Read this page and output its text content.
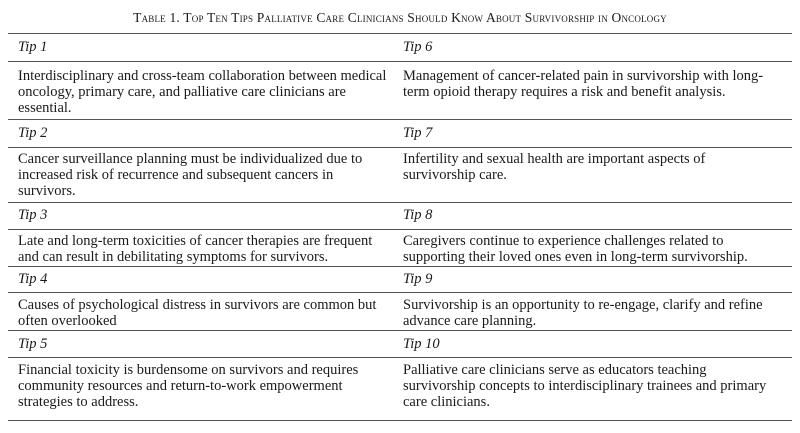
Table 1. Top Ten Tips Palliative Care Clinicians Should Know About Survivorship in Oncology
Tip 1
Interdisciplinary and cross-team collaboration between medical oncology, primary care, and palliative care clinicians are essential.
Tip 2
Cancer surveillance planning must be individualized due to increased risk of recurrence and subsequent cancers in survivors.
Tip 3
Late and long-term toxicities of cancer therapies are frequent and can result in debilitating symptoms for survivors.
Tip 4
Causes of psychological distress in survivors are common but often overlooked
Tip 5
Financial toxicity is burdensome on survivors and requires community resources and return-to-work empowerment strategies to address.
Tip 6
Management of cancer-related pain in survivorship with long-term opioid therapy requires a risk and benefit analysis.
Tip 7
Infertility and sexual health are important aspects of survivorship care.
Tip 8
Caregivers continue to experience challenges related to supporting their loved ones even in long-term survivorship.
Tip 9
Survivorship is an opportunity to re-engage, clarify and refine advance care planning.
Tip 10
Palliative care clinicians serve as educators teaching survivorship concepts to interdisciplinary trainees and primary care clinicians.
